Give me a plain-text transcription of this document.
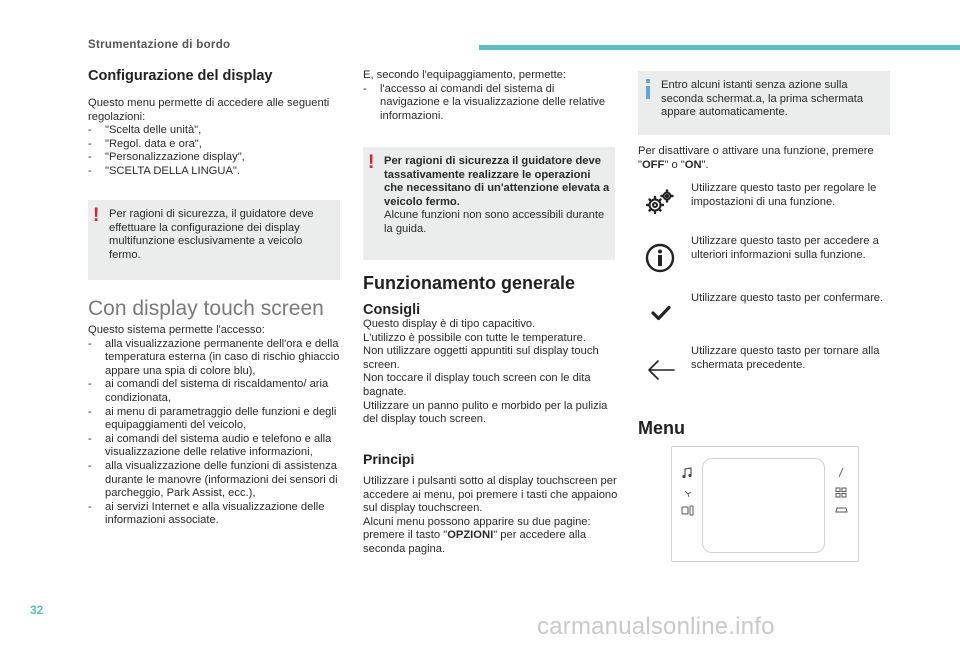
Strumentazione di bordo
Configurazione del display

Questo menu permette di accedere alle seguenti regolazioni:

- "Scelta delle unità",
- "Regol. data e ora",
- "Personalizzazione display",
- "SCELTA DELLA LINGUA".
! Per ragioni di sicurezza, il guidatore deve effettuare la configurazione dei display multifunzione esclusivamente a veicolo fermo.
Con display touch screen

Questo sistema permette l'accesso:

- alla visualizzazione permanente dell'ora e della temperatura esterna (in caso di rischio ghiaccio appare una spia di colore blu),
- ai comandi del sistema di riscaldamento/ aria condizionata,
- ai menu di parametraggio delle funzioni e degli equipaggiamenti del veicolo,
- ai comandi del sistema audio e telefono e alla visualizzazione delle relative informazioni,
- alla visualizzazione delle funzioni di assistenza durante le manovre (informazioni dei sensori di parcheggio, Park Assist, ecc.),
- ai servizi Internet e alla visualizzazione delle informazioni associate.

E, secondo l'equipaggiamento, permette:

- l'accesso ai comandi del sistema di navigazione e la visualizzazione delle relative informazioni.
! Per ragioni di sicurezza il guidatore deve tassativamente realizzare le operazioni che necessitano di un'attenzione elevata a veicolo fermo.

Alcune funzioni non sono accessibili durante la guida.

Funzionamento generale
Consigli

Questo display è di tipo capacitivo.

L'utilizzo è possibile con tutte le temperature.

Non utilizzare oggetti appuntiti sul display touch screen.

Non toccare il display touch screen con le dita bagnate.

Utilizzare un panno pulito e morbido per la pulizia del display touch screen.

Principi

Utilizzare i pulsanti sotto al display touchscreen per accedere ai menu, poi premere i tasti che appaiono sul display touchscreen.

Alcuni menu possono apparire su due pagine: premere il tasto "OPZIONI" per accedere alla seconda pagina.

Entro alcuni istanti senza azione sulla seconda schermat.a, la prima schermata appare automaticamente.
Per disattivare o attivare una funzione, premere "OFF" o "ON".
Utilizzare questo tasto per regolare le impostazioni di una funzione.
Utilizzare questo tasto per accedere a ulteriori informazioni sulla funzione.
Utilizzare questo tasto per confermare.
Utilizzare questo tasto per tornare alla schermata precedente.
Menu
32
carmanualsonline.info
